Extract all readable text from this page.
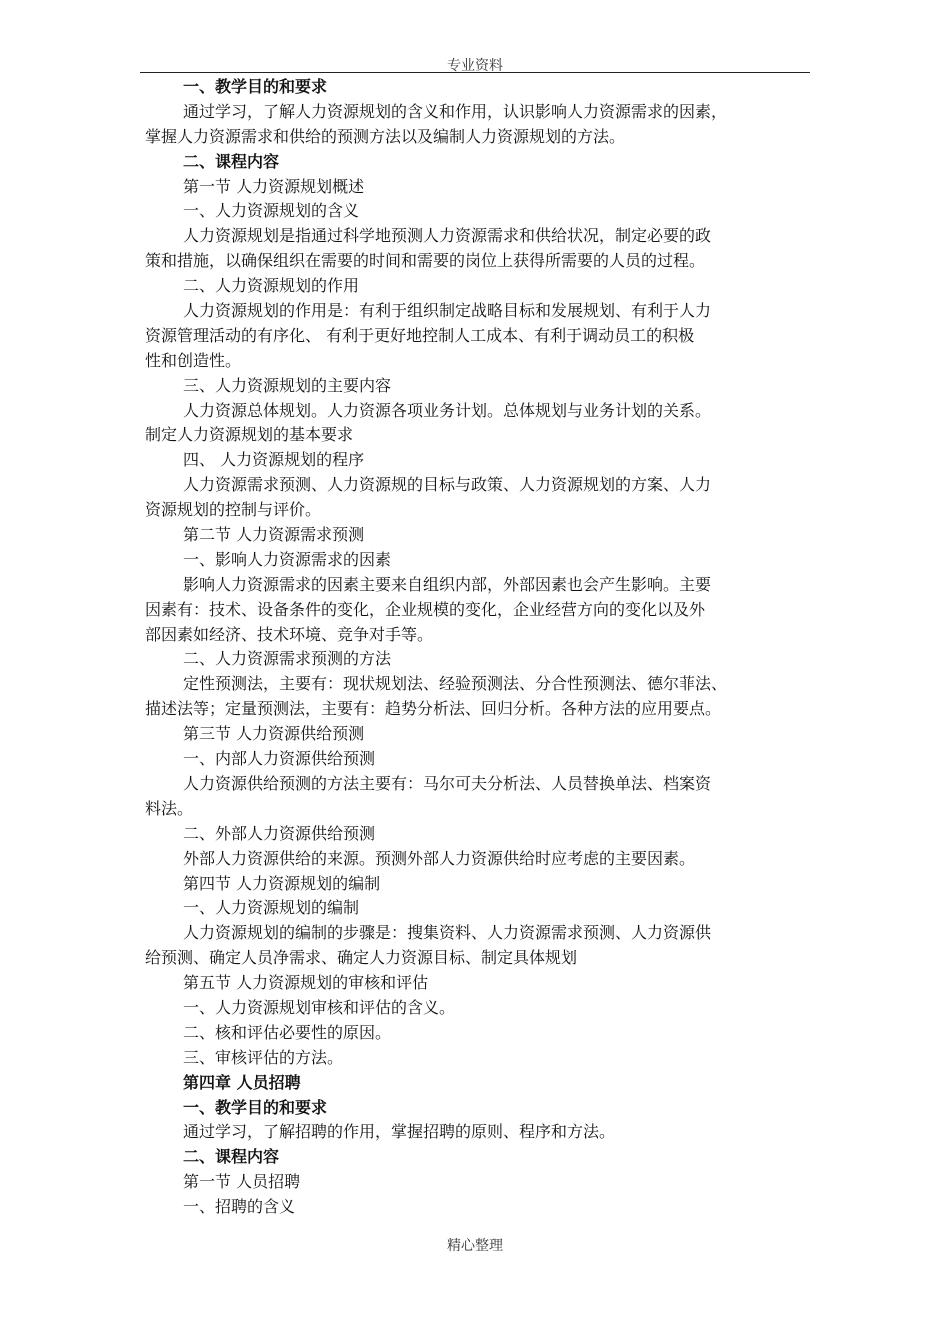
专业资料
一、教学目的和要求
通过学习，了解人力资源规划的含义和作用，认识影响人力资源需求的因素，
掌握人力资源需求和供给的预测方法以及编制人力资源规划的方法。
二、课程内容
第一节 人力资源规划概述
一、人力资源规划的含义
人力资源规划是指通过科学地预测人力资源需求和供给状况，制定必要的政
策和措施，以确保组织在需要的时间和需要的岗位上获得所需要的人员的过程。
二、人力资源规划的作用
人力资源规划的作用是：有利于组织制定战略目标和发展规划、有利于人力
资源管理活动的有序化、 有利于更好地控制人工成本、有利于调动员工的积极
性和创造性。
三、人力资源规划的主要内容
人力资源总体规划。人力资源各项业务计划。总体规划与业务计划的关系。
制定人力资源规划的基本要求
四、 人力资源规划的程序
人力资源需求预测、人力资源规的目标与政策、人力资源规划的方案、人力
资源规划的控制与评价。
第二节 人力资源需求预测
一、影响人力资源需求的因素
影响人力资源需求的因素主要来自组织内部，外部因素也会产生影响。主要
因素有：技术、设备条件的变化，企业规模的变化，企业经营方向的变化以及外
部因素如经济、技术环境、竞争对手等。
二、人力资源需求预测的方法
定性预测法，主要有：现状规划法、经验预测法、分合性预测法、德尔菲法、
描述法等；定量预测法，主要有：趋势分析法、回归分析。各种方法的应用要点。
第三节 人力资源供给预测
一、内部人力资源供给预测
人力资源供给预测的方法主要有：马尔可夫分析法、人员替换单法、档案资
料法。
二、外部人力资源供给预测
外部人力资源供给的来源。预测外部人力资源供给时应考虑的主要因素。
第四节 人力资源规划的编制
一、人力资源规划的编制
人力资源规划的编制的步骤是：搜集资料、人力资源需求预测、人力资源供
给预测、确定人员净需求、确定人力资源目标、制定具体规划
第五节 人力资源规划的审核和评估
一、人力资源规划审核和评估的含义。
二、核和评估必要性的原因。
三、审核评估的方法。
第四章 人员招聘
一、教学目的和要求
通过学习，了解招聘的作用，掌握招聘的原则、程序和方法。
二、课程内容
第一节 人员招聘
一、招聘的含义
精心整理
